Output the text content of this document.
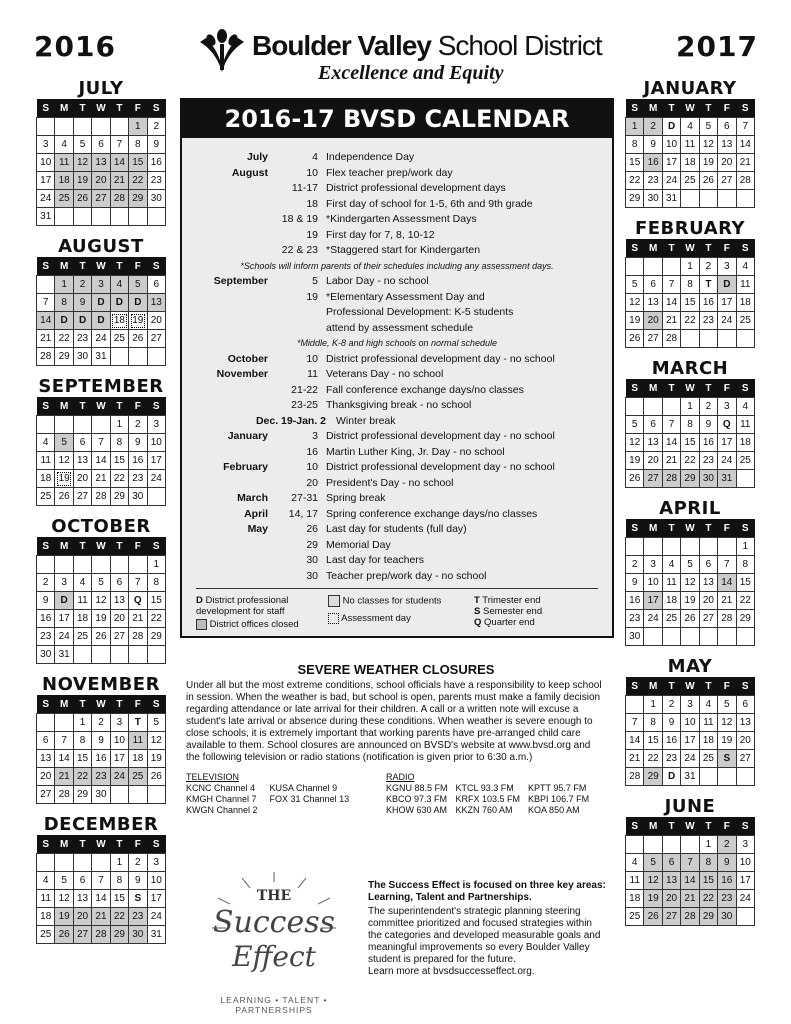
2016	2017
Boulder Valley School District
Excellence and Equity
JULY
S	M	T	W	T	F	S
					1	2
3	4	5	6	7	8	9
10	11	12	13	14	15	16
17	18	19	20	21	22	23
24	25	26	27	28	29	30
31						
AUGUST
S	M	T	W	T	F	S
	1	2	3	4	5	6
7	8	9	D	D	D	13
14	D	D	D	18	19	20
21	22	23	24	25	26	27
28	29	30	31			
SEPTEMBER
S	M	T	W	T	F	S
				1	2	3
4	5	6	7	8	9	10
11	12	13	14	15	16	17
18	19	20	21	22	23	24
25	26	27	28	29	30	
OCTOBER
S	M	T	W	T	F	S
						1
2	3	4	5	6	7	8
9	D	11	12	13	Q	15
16	17	18	19	20	21	22
23	24	25	26	27	28	29
30	31					
NOVEMBER
S	M	T	W	T	F	S
		1	2	3	T	5
6	7	8	9	10	11	12
13	14	15	16	17	18	19
20	21	22	23	24	25	26
27	28	29	30			
DECEMBER
S	M	T	W	T	F	S
				1	2	3
4	5	6	7	8	9	10
11	12	13	14	15	S	17
18	19	20	21	22	23	24
25	26	27	28	29	30	31
JANUARY
S	M	T	W	T	F	S
1	2	D	4	5	6	7
8	9	10	11	12	13	14
15	16	17	18	19	20	21
22	23	24	25	26	27	28
29	30	31				
FEBRUARY
S	M	T	W	T	F	S
			1	2	3	4
5	6	7	8	T	D	11
12	13	14	15	16	17	18
19	20	21	22	23	24	25
26	27	28				
MARCH
S	M	T	W	T	F	S
			1	2	3	4
5	6	7	8	9	Q	11
12	13	14	15	16	17	18
19	20	21	22	23	24	25
26	27	28	29	30	31	
APRIL
S	M	T	W	T	F	S
						1
2	3	4	5	6	7	8
9	10	11	12	13	14	15
16	17	18	19	20	21	22
23	24	25	26	27	28	29
30						
MAY
S	M	T	W	T	F	S
	1	2	3	4	5	6
7	8	9	10	11	12	13
14	15	16	17	18	19	20
21	22	23	24	25	S	27
28	29	D	31			
JUNE
S	M	T	W	T	F	S
				1	2	3
4	5	6	7	8	9	10
11	12	13	14	15	16	17
18	19	20	21	22	23	24
25	26	27	28	29	30	
2016-17 BVSD CALENDAR
July	4 Independence Day
August	10 Flex teacher prep/work day
11-17 District professional development days
18 First day of school for 1-5, 6th and 9th grade
18 & 19 *Kindergarten Assessment Days
19 First day for 7, 8, 10-12
22 & 23 *Staggered start for Kindergarten
*Schools will inform parents of their schedules including any assessment days.
September	5 Labor Day - no school
19 *Elementary Assessment Day and
Professional Development: K-5 students
attend by assessment schedule
*Middle, K-8 and high schools on normal schedule
October	10 District professional development day - no school
November	11 Veterans Day - no school
21-22 Fall conference exchange days/no classes
23-25 Thanksgiving break - no school
Dec. 19-Jan. 2 Winter break
January	3 District professional development day - no school
16 Martin Luther King, Jr. Day - no school
February	10 District professional development day - no school
20 President's Day - no school
March	27-31 Spring break
April	14, 17 Spring conference exchange days/no classes
May	26 Last day for students (full day)
29 Memorial Day
30 Last day for teachers
30 Teacher prep/work day - no school
D District professional development for staff
District offices closed
No classes for students
Assessment day
T Trimester end
S Semester end
Q Quarter end
SEVERE WEATHER CLOSURES
Under all but the most extreme conditions, school officials have a responsibility to keep school in session. When the weather is bad, but school is open, parents must make a family decision regarding attendance or late arrival for their children. A call or a written note will excuse a student's late arrival or absence during these conditions. When weather is severe enough to close schools, it is extremely important that working parents have pre-arranged child care available to them. School closures are announced on BVSD's website at www.bvsd.org and the following television or radio stations (notification is given prior to 6:30 a.m.)
TELEVISION
KCNC Channel 4
KMGH Channel 7
KWGN Channel 2
KUSA Channel 9
FOX 31 Channel 13
RADIO
KGNU 88.5 FM
KBCO 97.3 FM
KHOW 630 AM
KTCL 93.3 FM
KRFX 103.5 FM
KKZN 760 AM
KPTT 95.7 FM
KBPI 106.7 FM
KOA 850 AM
THE
Success
Effect
LEARNING • TALENT • PARTNERSHIPS
The Success Effect is focused on three key areas: Learning, Talent and Partnerships.
The superintendent's strategic planning steering committee prioritized and focused strategies within the categories and developed measurable goals and meaningful improvements so every Boulder Valley student is prepared for the future.
Learn more at bvsdsuccesseffect.org.
